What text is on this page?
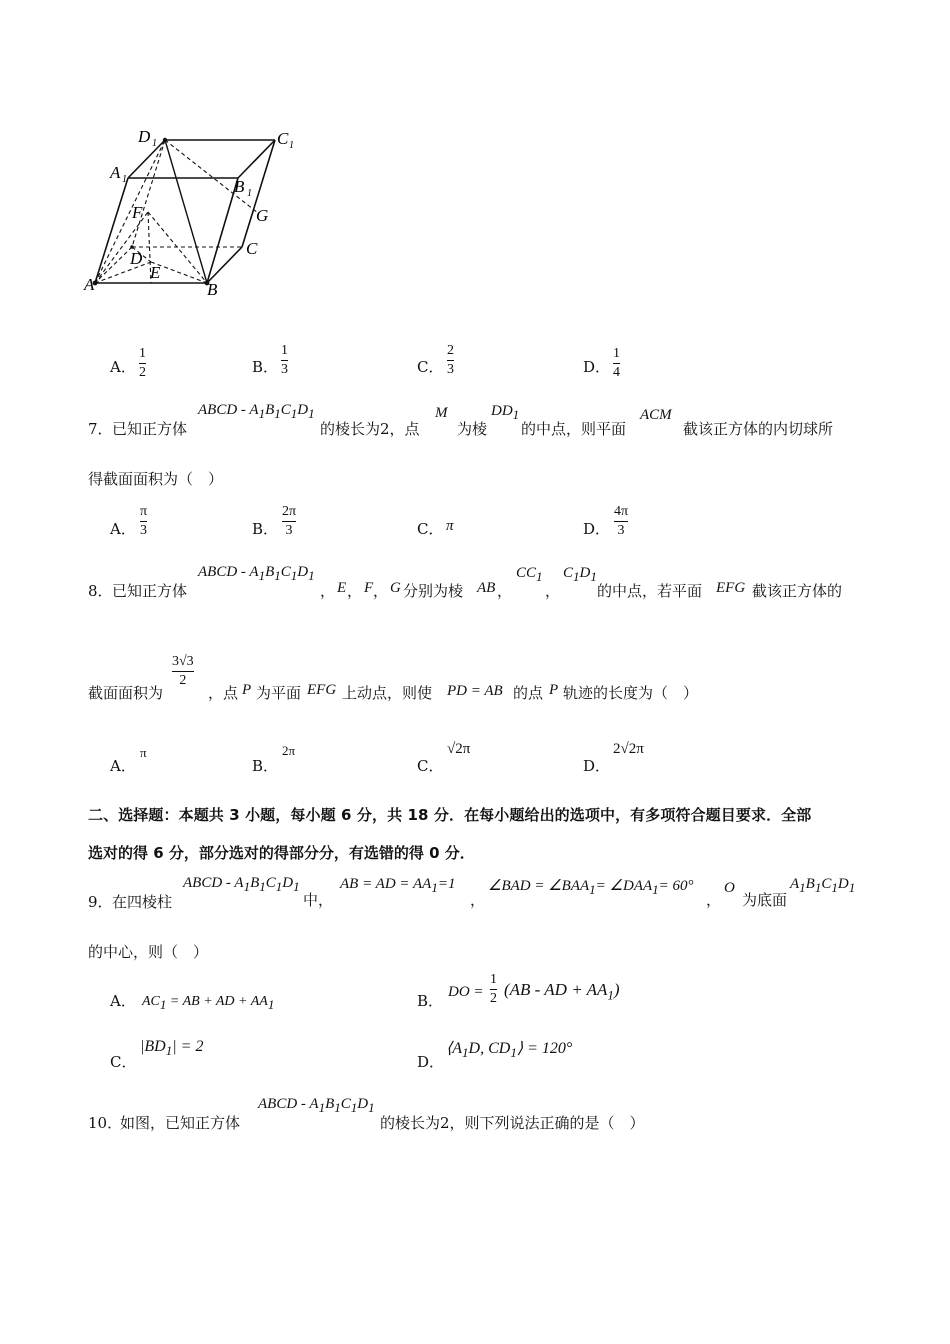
D 1	C 1
A 1	B 1
F	G
C
D
E
A	B
A．
1
2	B．
1
3	C．
2
3	D．
1
4
7． 已知正方体
ABCD - $A_1B_1C_1D_1$
的棱长为2，点
M
为棱
$DD_1$
的中点，则平面
ACM
截该正方体的内切球所
得截面面积为（　）
A．
π
3	B．
2π
3	C． π	D．
4π
3
8． 已知正方体
ABCD - $A_1B_1C_1D_1$
， E ， F ， G 分别为棱 AB ，
$CC_1$
，
$C_1D_1$
的中点，若平面 EFG 截该正方体的
截面面积为
3√3
2
，点 P 为平面 EFG 上动点，则使 PD = AB 的点 P 轨迹的长度为（　）
A．
π
B．
2π
C．
√2π
D．
2√2π
二、选择题：本题共 3 小题，每小题 6 分，共 18 分．在每小题给出的选项中，有多项符合题目要求．全部
选对的得 6 分，部分选对的得部分分，有选错的得 0 分．
9． 在四棱柱
ABCD - $A_1B_1C_1D_1$
中，
AB = AD = $AA_1=1$
，
∠BAD = $\angle BAA_1=$ $\angle DAA_1= 60^\circ$
，
O
为底面
$A_1B_1C_1D_1$
的中心，则（　）
A． $AC_1$ = AB + AD + $AA_1$	B． DO =
1
2 (AB - AD + $AA_1$)
C．
$|BD_1| = 2$
D．
$⟨A_1D$, $CD_1⟩ = 120^\circ$
10．
如图，已知正方体
ABCD - $A_1B_1C_1D_1$
的棱长为2，则下列说法正确的是（　）
